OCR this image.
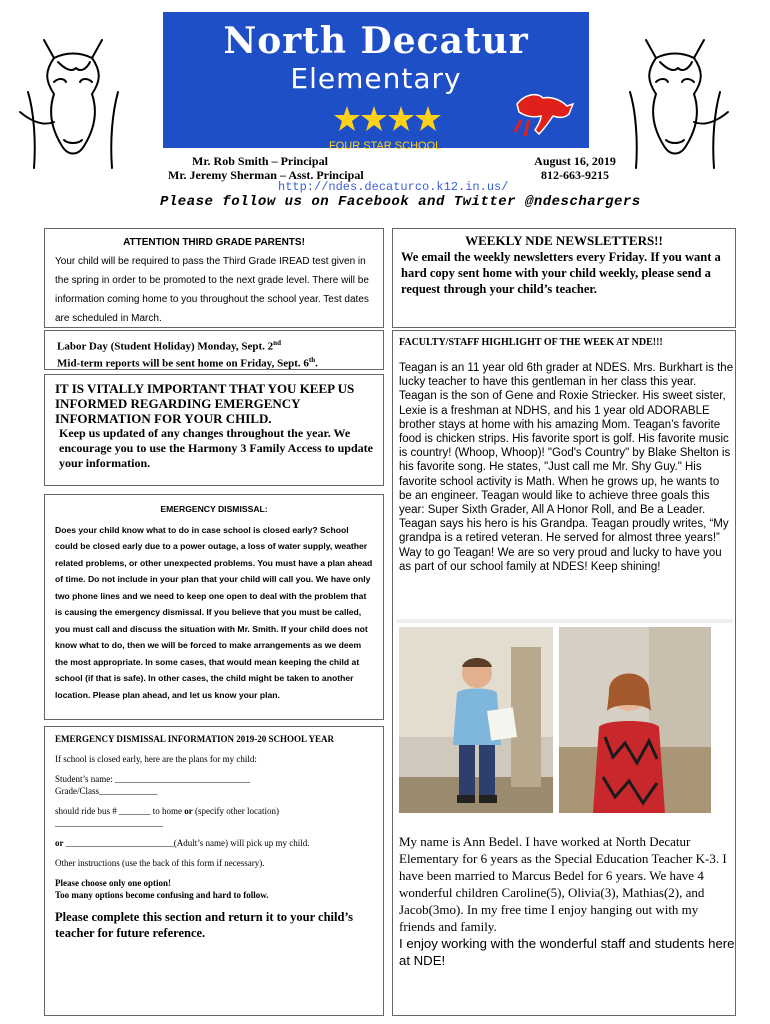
North Decatur
Elementary
FOUR STAR SCHOOL
Mr. Rob Smith – Principal
Mr. Jeremy Sherman – Asst. Principal
August 16, 2019
812-663-9215
http://ndes.decaturco.k12.in.us/
Please follow us on Facebook and Twitter @ndeschargers
ATTENTION THIRD GRADE PARENTS!
Your child will be required to pass the Third Grade IREAD test given in the spring in order to be promoted to the next grade level. There will be information coming home to you throughout the school year. Test dates are scheduled in March.
Labor Day (Student Holiday) Monday, Sept. 2nd
Mid-term reports will be sent home on Friday, Sept. 6th.
IT IS VITALLY IMPORTANT THAT YOU KEEP US INFORMED REGARDING EMERGENCY INFORMATION FOR YOUR CHILD.
Keep us updated of any changes throughout the year. We encourage you to use the Harmony 3 Family Access to update your information.
EMERGENCY DISMISSAL:
Does your child know what to do in case school is closed early? School could be closed early due to a power outage, a loss of water supply, weather related problems, or other unexpected problems. You must have a plan ahead of time. Do not include in your plan that your child will call you. We have only two phone lines and we need to keep one open to deal with the problem that is causing the emergency dismissal. If you believe that you must be called, you must call and discuss the situation with Mr. Smith. If your child does not know what to do, then we will be forced to make arrangements as we deem the most appropriate. In some cases, that would mean keeping the child at school (if that is safe). In other cases, the child might be taken to another location. Please plan ahead, and let us know your plan.
EMERGENCY DISMISSAL INFORMATION 2019-20 SCHOOL YEAR

If school is closed early, here are the plans for my child:

Student’s name: ______________________________
Grade/Class_____________

should ride bus # _______ to home or (specify other location)
________________________

or ________________________(Adult’s name) will pick up my child.

Other instructions (use the back of this form if necessary).

Please choose only one option!
Too many options become confusing and hard to follow.

Please complete this section and return it to your child’s teacher for future reference.
WEEKLY NDE NEWSLETTERS!!
We email the weekly newsletters every Friday. If you want a hard copy sent home with your child weekly, please send a request through your child’s teacher.
FACULTY/STAFF HIGHLIGHT OF THE WEEK AT NDE!!!
Teagan is an 11 year old 6th grader at NDES. Mrs. Burkhart is the lucky teacher to have this gentleman in her class this year. Teagan is the son of Gene and Roxie Striecker. His sweet sister, Lexie is a freshman at NDHS, and his 1 year old ADORABLE brother stays at home with his amazing Mom. Teagan’s favorite food is chicken strips. His favorite sport is golf. His favorite music is country! (Whoop, Whoop)! "God's Country" by Blake Shelton is his favorite song. He states, "Just call me Mr. Shy Guy." His favorite school activity is Math. When he grows up, he wants to be an engineer. Teagan would like to achieve three goals this year: Super Sixth Grader, All A Honor Roll, and Be a Leader. Teagan says his hero is his Grandpa. Teagan proudly writes, “My grandpa is a retired veteran. He served for almost three years!” Way to go Teagan! We are so very proud and lucky to have you as part of our school family at NDES! Keep shining!
My name is Ann Bedel. I have worked at North Decatur Elementary for 6 years as the Special Education Teacher K-3. I have been married to Marcus Bedel for 6 years. We have 4 wonderful children Caroline(5), Olivia(3), Mathias(2), and Jacob(3mo). In my free time I enjoy hanging out with my friends and family.
I enjoy working with the wonderful staff and students here at NDE!
